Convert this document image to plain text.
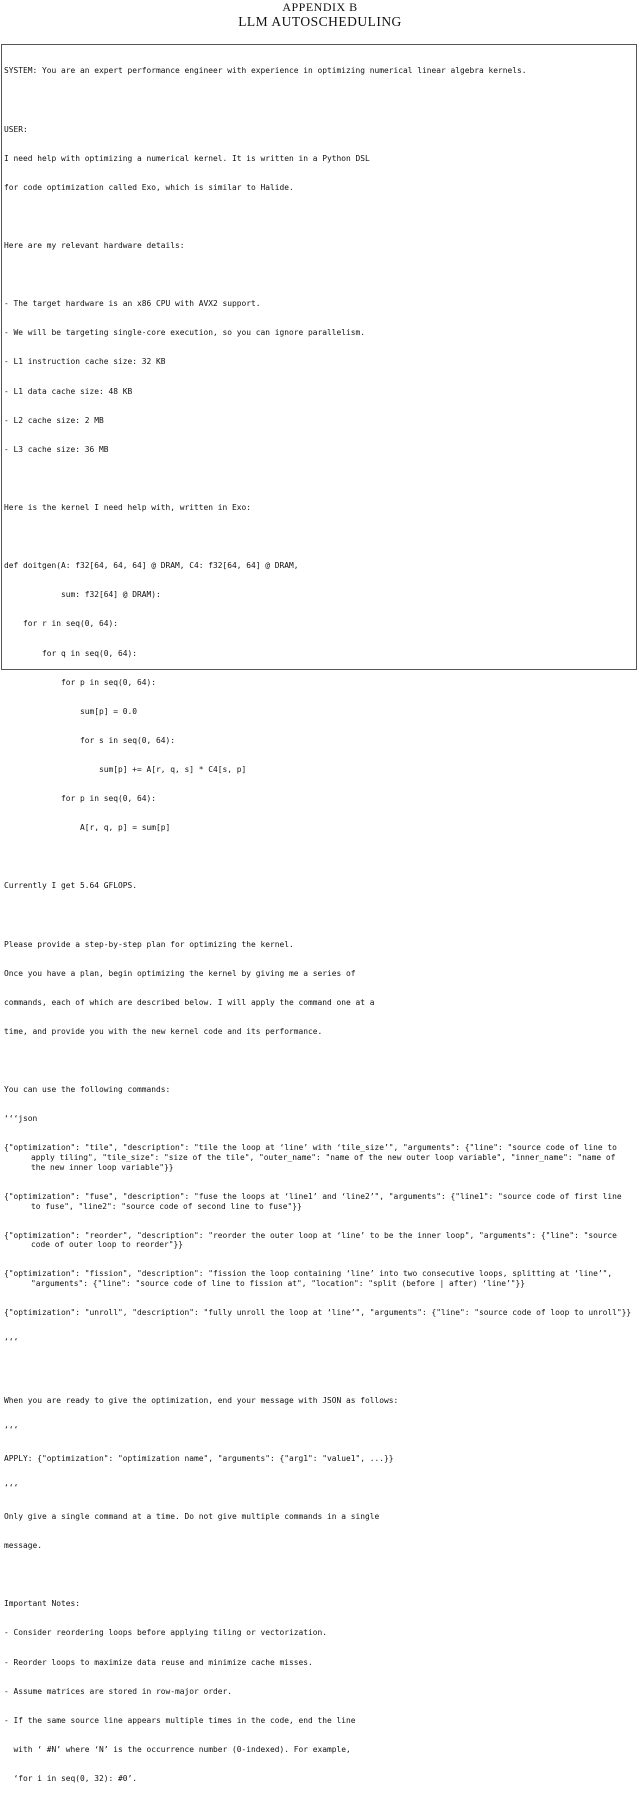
APPENDIX B
LLM AUTOSCHEDULING

SYSTEM: You are an expert performance engineer with experience in optimizing numerical linear algebra kernels.

USER:

I need help with optimizing a numerical kernel. It is written in a Python DSL

for code optimization called Exo, which is similar to Halide.

Here are my relevant hardware details:

- The target hardware is an x86 CPU with AVX2 support.

- We will be targeting single-core execution, so you can ignore parallelism.

- L1 instruction cache size: 32 KB

- L1 data cache size: 48 KB

- L2 cache size: 2 MB

- L3 cache size: 36 MB

Here is the kernel I need help with, written in Exo:

def doitgen(A: f32[64, 64, 64] @ DRAM, C4: f32[64, 64] @ DRAM,

sum: f32[64] @ DRAM):

for r in seq(0, 64):

for q in seq(0, 64):

for p in seq(0, 64):

sum[p] = 0.0

for s in seq(0, 64):

sum[p] += A[r, q, s] * C4[s, p]

for p in seq(0, 64):

A[r, q, p] = sum[p]

Currently I get 5.64 GFLOPS.

Please provide a step-by-step plan for optimizing the kernel.

Once you have a plan, begin optimizing the kernel by giving me a series of

commands, each of which are described below. I will apply the command one at a

time, and provide you with the new kernel code and its performance.

You can use the following commands:

‘‘‘json

{"optimization": "tile", "description": "tile the loop at ‘line’ with ‘tile_size’", "arguments": {"line": "source code of line to apply tiling", "tile_size": "size of the tile", "outer_name": "name of the new outer loop variable", "inner_name": "name of the new inner loop variable"}}

{"optimization": "fuse", "description": "fuse the loops at ‘line1’ and ‘line2’", "arguments": {"line1": "source code of first line to fuse", "line2": "source code of second line to fuse"}}

{"optimization": "reorder", "description": "reorder the outer loop at ‘line’ to be the inner loop", "arguments": {"line": "source code of outer loop to reorder"}}

{"optimization": "fission", "description": "fission the loop containing ‘line’ into two consecutive loops, splitting at ‘line’", "arguments": {"line": "source code of line to fission at", "location": "split (before | after) ‘line’"}}

{"optimization": "unroll", "description": "fully unroll the loop at ‘line’", "arguments": {"line": "source code of loop to unroll"}}

‘‘‘

When you are ready to give the optimization, end your message with JSON as follows:

‘‘‘

APPLY: {"optimization": "optimization name", "arguments": {"arg1": "value1", ...}}

‘‘‘

Only give a single command at a time. Do not give multiple commands in a single

message.

Important Notes:

- Consider reordering loops before applying tiling or vectorization.

- Reorder loops to maximize data reuse and minimize cache misses.

- Assume matrices are stored in row-major order.

- If the same source line appears multiple times in the code, end the line

with ‘ #N’ where ‘N’ is the occurrence number (0-indexed). For example,

‘for i in seq(0, 32): #0’.
